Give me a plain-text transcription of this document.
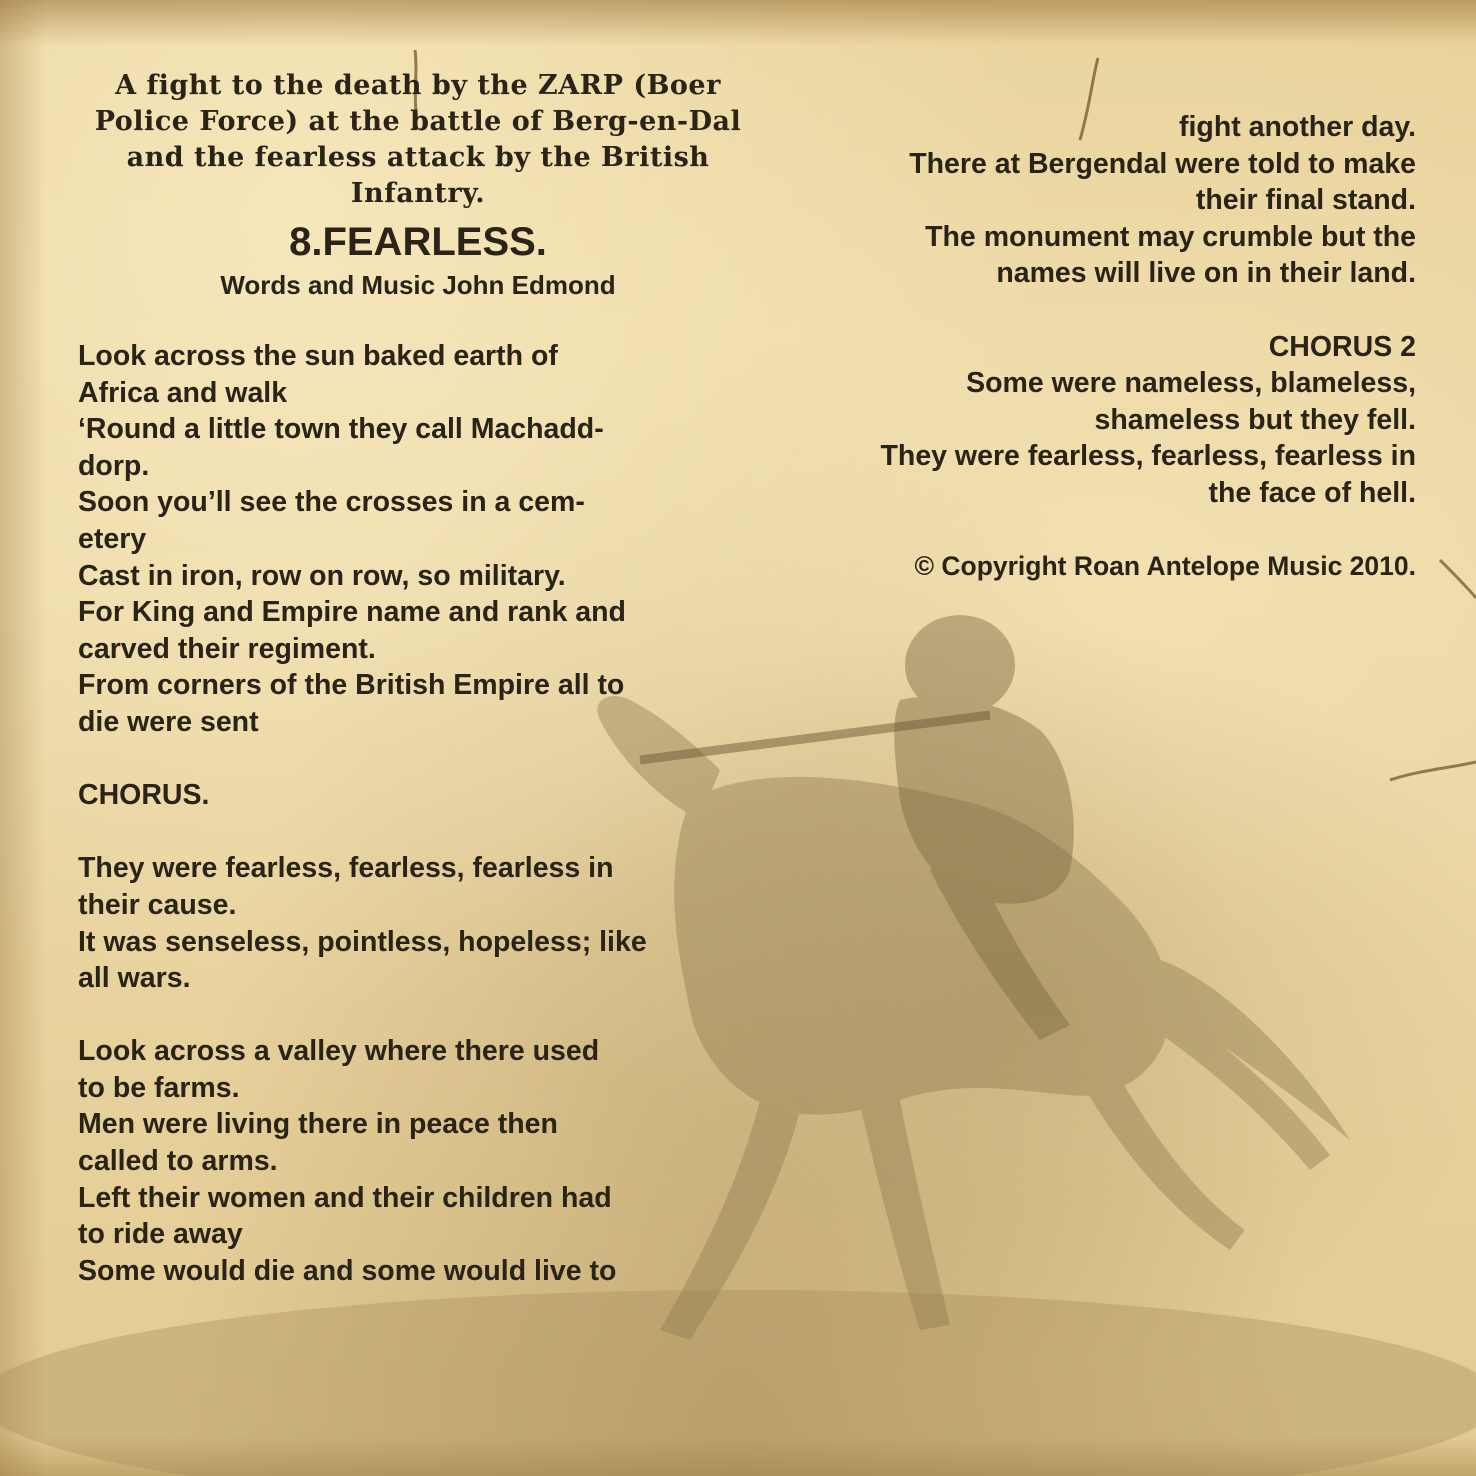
A fight to the death by the ZARP (Boer Police Force) at the battle of Berg-en-Dal and the fearless attack by the British Infantry.

8.FEARLESS.

Words and Music John Edmond

Look across the sun baked earth of

Africa and walk

‘Round a little town they call Machadd-

dorp.

Soon you’ll see the crosses in a cem-

etery

Cast in iron, row on row, so military.

For King and Empire name and rank and

carved their regiment.

From corners of the British Empire all to

die were sent

CHORUS.

They were fearless, fearless, fearless in

their cause.

It was senseless, pointless, hopeless; like

all wars.

Look across a valley where there used

to be farms.

Men were living there in peace then

called to arms.

Left their women and their children had

to ride away

Some would die and some would live to

fight another day.

There at Bergendal were told to make

their final stand.

The monument may crumble but the

names will live on in their land.

CHORUS 2

Some were nameless, blameless,

shameless but they fell.

They were fearless, fearless, fearless in

the face of hell.

© Copyright Roan Antelope Music 2010.
